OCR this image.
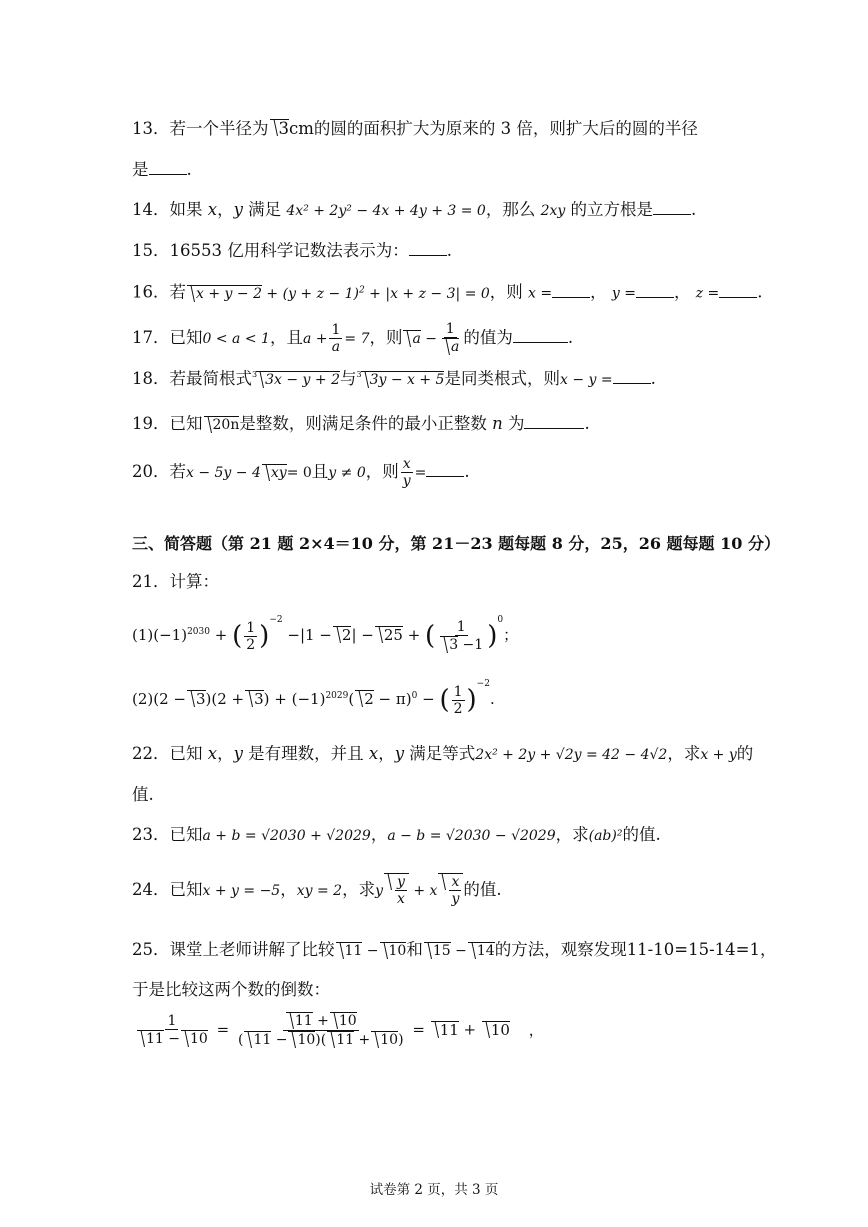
13．若一个半径为 3cm的圆的面积扩大为原来的 3 倍，则扩大后的圆的半径
是 .
14．如果 x，y 满足 4x² + 2y² − 4x + 4y + 3 = 0，那么 2xy 的立方根是 .
15．16553 亿用科学记数法表示为： .
16．若 $x + y - 2 + (y + z - 1)^2 + |x + z - 3| = 0$，则 x = ， y = ， z = .
17．已知0 < a < 1，且$a + \frac{1}{a} = 7$，则 $a - \frac{1}{a}$ 的值为	.
18．若最简根式$^3$ 3x − y + 2与$^3$ 3y − x + 5是同类根式，则x − y = .
19．已知 20n是整数，则满足条件的最小正整数 n 为	.
20．若x − 5y − 4 xy= 0且y ≠ 0，则 $\frac{x}{y}$ = .
三、简答题（第 21 题 2×4＝10 分，第 21－23 题每题 8 分，25，26 题每题 10 分）
21．计算：
$(1)(-1)^{2030}$ + ( $\frac{1}{2} )^{-2} -|1 - 2| - 25$ + ( $\frac{1}{3 -1} )^0$；
$(2)(2 - 3)(2 + 3) + (-1)^{2029}$( 2 − π)$^0$ − ( $\frac{1}{2} )^{-2}$.
22．已知 x，y 是有理数，并且 x，y 满足等式2x² + 2y + √2y = 42 − 4√2，求x + y的
值.
23．已知a + b = √2030 + √2029，a − b = √2030 − √2029，求(ab)²的值.
24．已知x + y = −5，xy = 2，求y $\frac{y}{x} + x \frac{x}{y}$ 的值.
25．课堂上老师讲解了比较 11 − 10和 15 − 14的方法，观察发现11-10=15-14=1，
于是比较这两个数的倒数：
$\frac{1}{11 - 10} = \frac{11 + 10}{( 11 - 10)( 11 + 10)} = 11 + 10$ ，
试卷第 2 页，共 3 页
